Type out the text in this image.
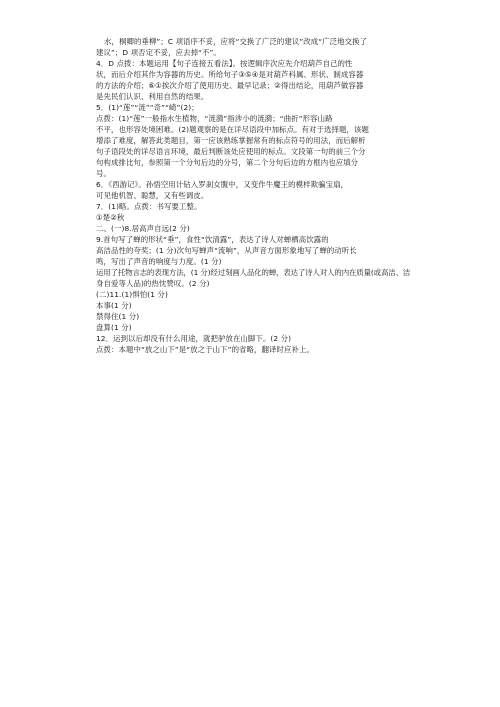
水，桐卿的垂柳”；C 项语序不妥，应将“交换了广泛的建议”改成“广泛地交换了
建议”；D 项否定不妥，应去掉“不”。
4．D 点拨：本题运用【句子连接五看法】。按逻辑序次应先介绍葫芦自己的性
状，而后介绍其作为容器的历史。所给句子③⑤④是对葫芦科属、形状、制成容器
的方法的介绍；⑥①挨次介绍了使用历史、最早记录；②得出结论，用葫芦做容器
是先民们认识、利用自然的结果。
5．(1)“莲”“涟”“奇”“崎”(2)；
点拨：(1)“莲”一般指水生植物，“涟漪”指涉小的涟漪；“曲折”形容山路
不平，也形容处境困难。(2)题观察的是在详尽语段中加标点。有对于选择题，该题
增添了难度，解答此类题目，第一应该熟练掌握常有的标点符号的用法，而后解析
句子语段处的详尽语言环境，最后判断该处应使用的标点。文段第一句的前三个分
句构成排比句，参照第一个分句后边的分号，第二个分句后边的方框内也应填分
号。
6．《西游记》。孙悟空用计钻入罗刹女腹中，又变作牛魔王的模样欺骗宝扇，
可见他机智、聪慧，又有些调皮。
7．(1)略。点拨：书写要工整。
①楚②秋
二、(一)8.居高声自远(2 分)
9.首句写了蝉的形状“垂”，食性“饮清露”，表达了诗人对蝉栖高饮露的
高洁品性的夸奖；(1 分)次句写蝉声“流响”，从声音方面形象地写了蝉的动听长
鸣，写出了声音的响度与力度。(1 分)
运用了托物言志的表现方法，(1 分)经过刻画人品化的蝉，表达了诗人对人的内在质量(或高洁、洁
身自爱等人品)的热忱赞叹。(2 分)
(二)11.(1)惧怕(1 分)
本事(1 分)
禁得住(1 分)
盘算(1 分)
12．运到以后却没有什么用途，就把驴放在山脚下。(2 分)
点拨：本题中“放之山下”是“放之于山下”的省略，翻译时应补上。
